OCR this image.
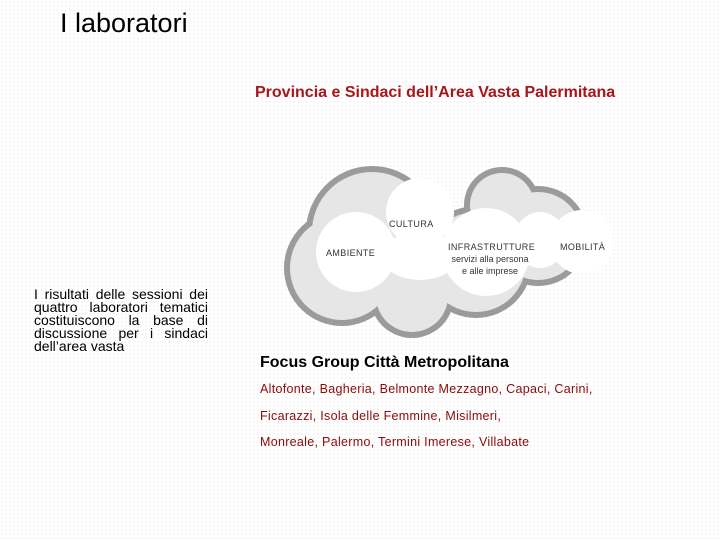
I laboratori
Provincia e Sindaci dell’Area Vasta Palermitana
CULTURA
AMBIENTE
INFRASTRUTTURE
servizi alla persona
e alle imprese
MOBILITÀ
I risultati delle sessioni dei quattro laboratori tematici costituiscono la base di discussione per i sindaci dell’area vasta
Focus Group Città Metropolitana
Altofonte, Bagheria, Belmonte Mezzagno, Capaci, Carini,
Ficarazzi, Isola delle Femmine, Misilmeri,
Monreale, Palermo, Termini Imerese, Villabate
